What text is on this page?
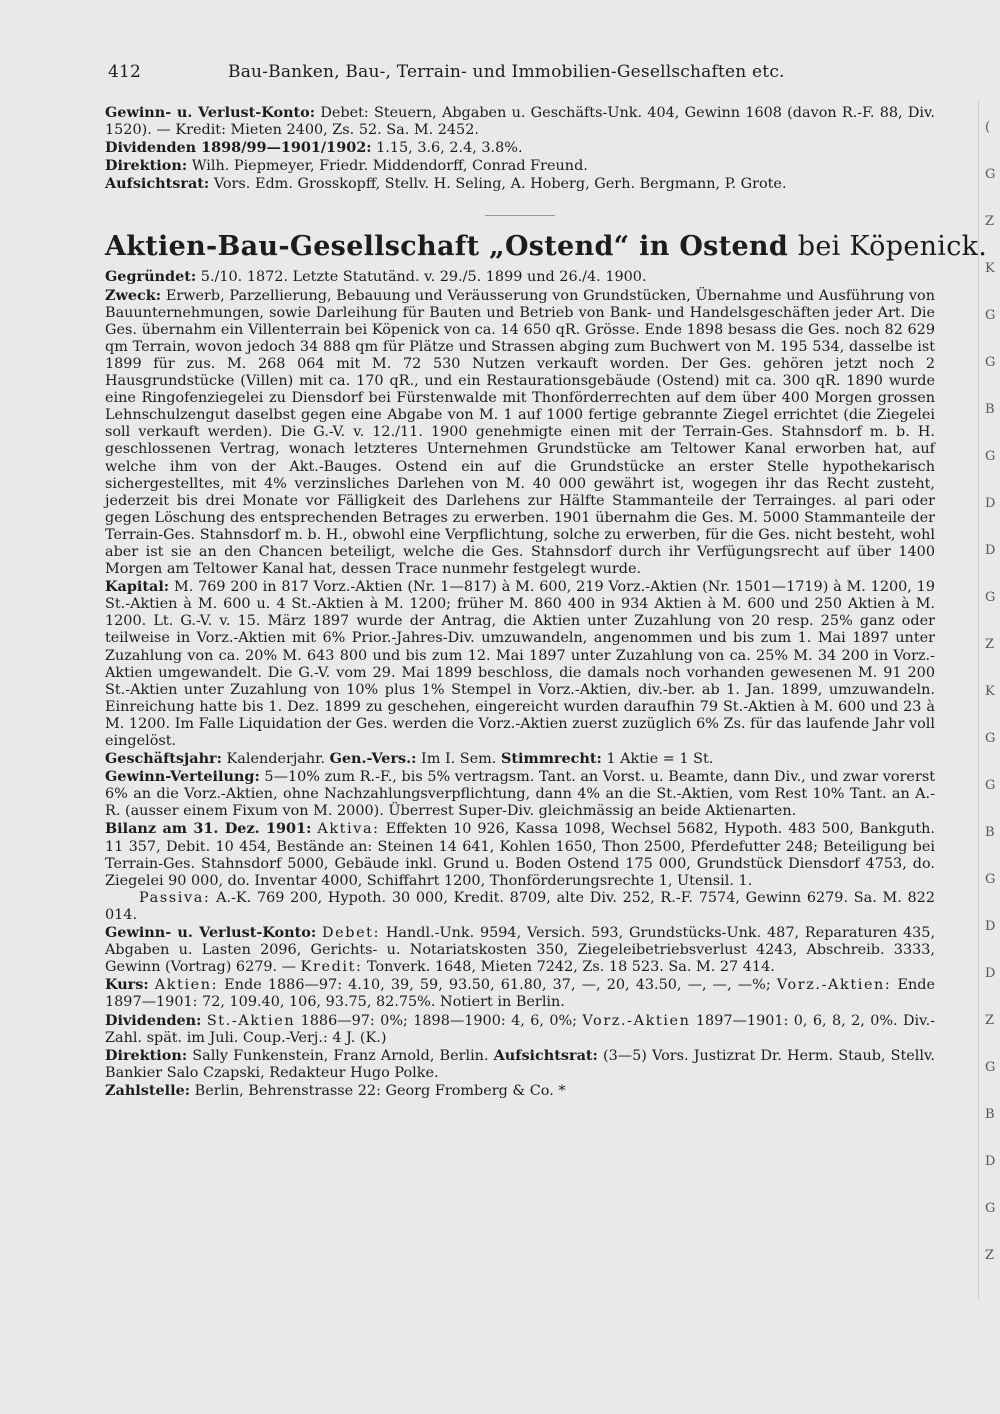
412	Bau-Banken, Bau-, Terrain- und Immobilien-Gesellschaften etc.

Gewinn- u. Verlust-Konto: Debet: Steuern, Abgaben u. Geschäfts-Unk. 404, Gewinn 1608 (davon R.-F. 88, Div. 1520). — Kredit: Mieten 2400, Zs. 52. Sa. M. 2452.

Dividenden 1898/99—1901/1902: 1.15, 3.6, 2.4, 3.8%.

Direktion: Wilh. Piepmeyer, Friedr. Middendorff, Conrad Freund.

Aufsichtsrat: Vors. Edm. Grosskopff, Stellv. H. Seling, A. Hoberg, Gerh. Bergmann, P. Grote.

Aktien-Bau-Gesellschaft „Ostend“ in Ostend bei Köpenick.

Gegründet: 5./10. 1872. Letzte Statutänd. v. 29./5. 1899 und 26./4. 1900.

Zweck: Erwerb, Parzellierung, Bebauung und Veräusserung von Grundstücken, Übernahme und Ausführung von Bauunternehmungen, sowie Darleihung für Bauten und Betrieb von Bank- und Handelsgeschäften jeder Art. Die Ges. übernahm ein Villenterrain bei Köpenick von ca. 14 650 qR. Grösse. Ende 1898 besass die Ges. noch 82 629 qm Terrain, wovon jedoch 34 888 qm für Plätze und Strassen abging zum Buchwert von M. 195 534, dasselbe ist 1899 für zus. M. 268 064 mit M. 72 530 Nutzen verkauft worden. Der Ges. gehören jetzt noch 2 Hausgrundstücke (Villen) mit ca. 170 qR., und ein Restaurationsgebäude (Ostend) mit ca. 300 qR. 1890 wurde eine Ringofenziegelei zu Diensdorf bei Fürstenwalde mit Thonförderrechten auf dem über 400 Morgen grossen Lehnschulzengut daselbst gegen eine Abgabe von M. 1 auf 1000 fertige gebrannte Ziegel errichtet (die Ziegelei soll verkauft werden). Die G.-V. v. 12./11. 1900 genehmigte einen mit der Terrain-Ges. Stahnsdorf m. b. H. geschlossenen Vertrag, wonach letzteres Unternehmen Grundstücke am Teltower Kanal erworben hat, auf welche ihm von der Akt.-Bauges. Ostend ein auf die Grundstücke an erster Stelle hypothekarisch sichergestelltes, mit 4% verzinsliches Darlehen von M. 40 000 gewährt ist, wogegen ihr das Recht zusteht, jederzeit bis drei Monate vor Fälligkeit des Darlehens zur Hälfte Stammanteile der Terrainges. al pari oder gegen Löschung des entsprechenden Betrages zu erwerben. 1901 übernahm die Ges. M. 5000 Stammanteile der Terrain-Ges. Stahnsdorf m. b. H., obwohl eine Verpflichtung, solche zu erwerben, für die Ges. nicht besteht, wohl aber ist sie an den Chancen beteiligt, welche die Ges. Stahnsdorf durch ihr Verfügungsrecht auf über 1400 Morgen am Teltower Kanal hat, dessen Trace nunmehr festgelegt wurde.

Kapital: M. 769 200 in 817 Vorz.-Aktien (Nr. 1—817) à M. 600, 219 Vorz.-Aktien (Nr. 1501—1719) à M. 1200, 19 St.-Aktien à M. 600 u. 4 St.-Aktien à M. 1200; früher M. 860 400 in 934 Aktien à M. 600 und 250 Aktien à M. 1200. Lt. G.-V. v. 15. März 1897 wurde der Antrag, die Aktien unter Zuzahlung von 20 resp. 25% ganz oder teilweise in Vorz.-Aktien mit 6% Prior.-Jahres-Div. umzuwandeln, angenommen und bis zum 1. Mai 1897 unter Zuzahlung von ca. 20% M. 643 800 und bis zum 12. Mai 1897 unter Zuzahlung von ca. 25% M. 34 200 in Vorz.-Aktien umgewandelt. Die G.-V. vom 29. Mai 1899 beschloss, die damals noch vorhanden gewesenen M. 91 200 St.-Aktien unter Zuzahlung von 10% plus 1% Stempel in Vorz.-Aktien, div.-ber. ab 1. Jan. 1899, umzuwandeln. Einreichung hatte bis 1. Dez. 1899 zu geschehen, eingereicht wurden daraufhin 79 St.-Aktien à M. 600 und 23 à M. 1200. Im Falle Liquidation der Ges. werden die Vorz.-Aktien zuerst zuzüglich 6% Zs. für das laufende Jahr voll eingelöst.

Geschäftsjahr: Kalenderjahr. Gen.-Vers.: Im I. Sem. Stimmrecht: 1 Aktie = 1 St.

Gewinn-Verteilung: 5—10% zum R.-F., bis 5% vertragsm. Tant. an Vorst. u. Beamte, dann Div., und zwar vorerst 6% an die Vorz.-Aktien, ohne Nachzahlungsverpflichtung, dann 4% an die St.-Aktien, vom Rest 10% Tant. an A.-R. (ausser einem Fixum von M. 2000). Überrest Super-Div. gleichmässig an beide Aktienarten.

Bilanz am 31. Dez. 1901: Aktiva: Effekten 10 926, Kassa 1098, Wechsel 5682, Hypoth. 483 500, Bankguth. 11 357, Debit. 10 454, Bestände an: Steinen 14 641, Kohlen 1650, Thon 2500, Pferdefutter 248; Beteiligung bei Terrain-Ges. Stahnsdorf 5000, Gebäude inkl. Grund u. Boden Ostend 175 000, Grundstück Diensdorf 4753, do. Ziegelei 90 000, do. Inventar 4000, Schiffahrt 1200, Thonförderungsrechte 1, Utensil. 1.

Passiva: A.-K. 769 200, Hypoth. 30 000, Kredit. 8709, alte Div. 252, R.-F. 7574, Gewinn 6279. Sa. M. 822 014.

Gewinn- u. Verlust-Konto: Debet: Handl.-Unk. 9594, Versich. 593, Grundstücks-Unk. 487, Reparaturen 435, Abgaben u. Lasten 2096, Gerichts- u. Notariatskosten 350, Ziegeleibetriebsverlust 4243, Abschreib. 3333, Gewinn (Vortrag) 6279. — Kredit: Tonverk. 1648, Mieten 7242, Zs. 18 523. Sa. M. 27 414.

Kurs: Aktien: Ende 1886—97: 4.10, 39, 59, 93.50, 61.80, 37, —, 20, 43.50, —, —, —%; Vorz.-Aktien: Ende 1897—1901: 72, 109.40, 106, 93.75, 82.75%. Notiert in Berlin.

Dividenden: St.-Aktien 1886—97: 0%; 1898—1900: 4, 6, 0%; Vorz.-Aktien 1897—1901: 0, 6, 8, 2, 0%. Div.-Zahl. spät. im Juli. Coup.-Verj.: 4 J. (K.)

Direktion: Sally Funkenstein, Franz Arnold, Berlin. Aufsichtsrat: (3—5) Vors. Justizrat Dr. Herm. Staub, Stellv. Bankier Salo Czapski, Redakteur Hugo Polke.

Zahlstelle: Berlin, Behrenstrasse 22: Georg Fromberg & Co. *

(
G
Z
K
G
G
B
G
D
D
G
Z
K
G
G
B
G
D
D
Z
G
B
D
G
Z
